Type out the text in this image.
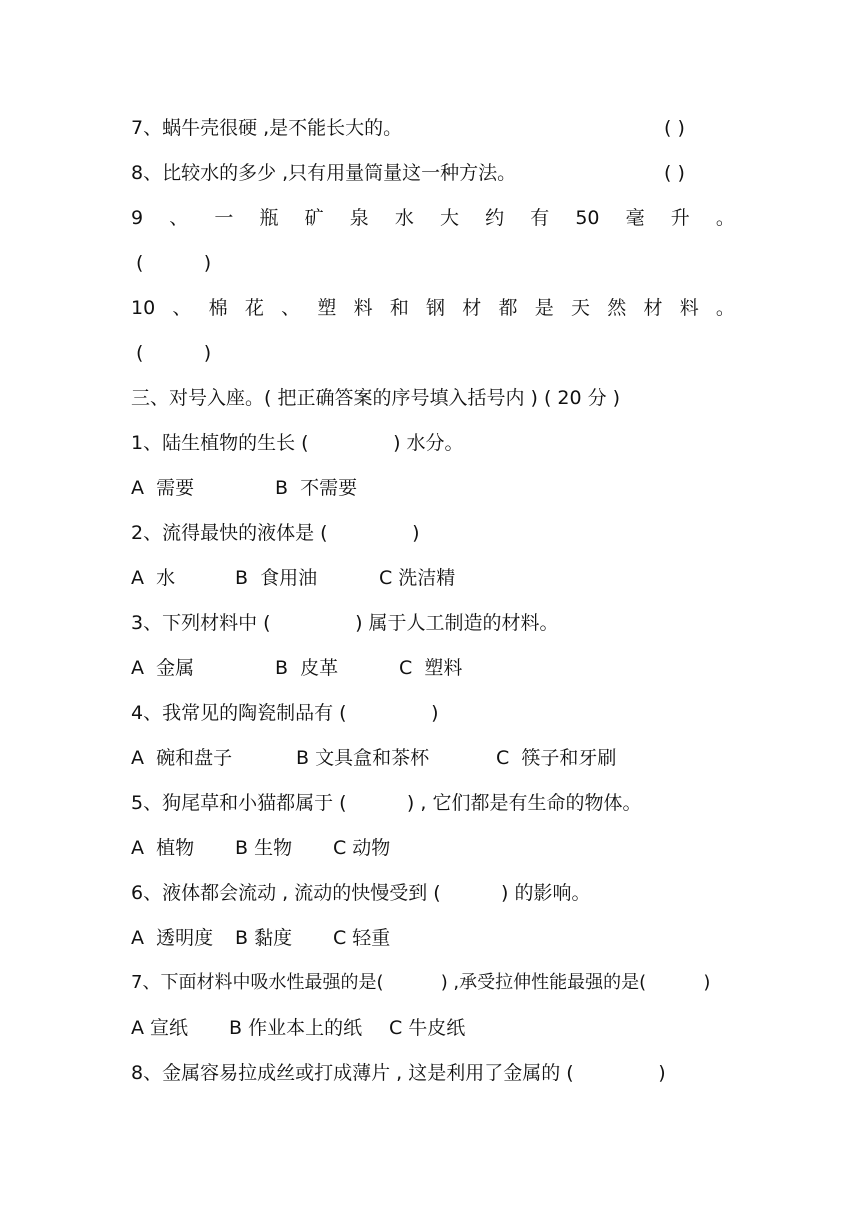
7、蜗牛壳很硬 ,是不能长大的。	( )
8、比较水的多少 ,只有用量筒量这一种方法。	( )
9 、 一 瓶 矿 泉 水 大 约 有 50 毫 升 。
(          )
10 、 棉 花 、 塑 料 和 钢 材 都 是 天 然 材 料 。
(          )
三、对号入座。( 把正确答案的序号填入括号内 ) ( 20 分 )
1、陆生植物的生长 (              ) 水分。
A  需要	B  不需要
2、流得最快的液体是 (              )
A  水	B  食用油	C 洗洁精
3、下列材料中 (              ) 属于人工制造的材料。
A  金属	B  皮革	C  塑料
4、我常见的陶瓷制品有 (              )
A  碗和盘子	B 文具盒和茶杯	C  筷子和牙刷
5、狗尾草和小猫都属于 (          ) , 它们都是有生命的物体。
A  植物 B 生物 C 动物
6、液体都会流动 , 流动的快慢受到 (          ) 的影响。
A  透明度 B 黏度 C 轻重
7、下面材料中吸水性最强的是(          ) ,承受拉伸性能最强的是(          )
A 宣纸 B 作业本上的纸 C 牛皮纸
8、金属容易拉成丝或打成薄片 , 这是利用了金属的 (              )
